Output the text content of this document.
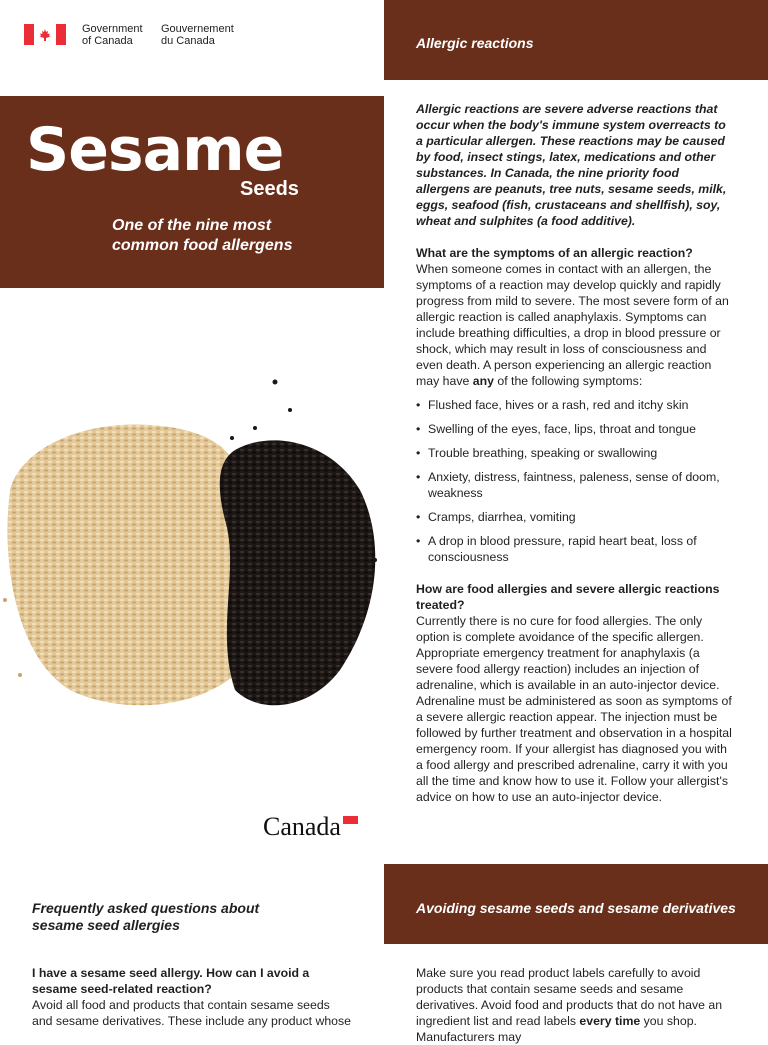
Government
of Canada
Gouvernement
du Canada
Sesame
Seeds
One of the nine most
common food allergens
Canada
Allergic reactions

Allergic reactions are severe adverse reactions that occur when the body's immune system overreacts to a particular allergen. These reactions may be caused by food, insect stings, latex, medications and other substances. In Canada, the nine priority food allergens are peanuts, tree nuts, sesame seeds, milk, eggs, seafood (fish, crustaceans and shellfish), soy, wheat and sulphites (a food additive).

What are the symptoms of an allergic reaction?

When someone comes in contact with an allergen, the symptoms of a reaction may develop quickly and rapidly progress from mild to severe. The most severe form of an allergic reaction is called anaphylaxis. Symptoms can include breathing difficulties, a drop in blood pressure or shock, which may result in loss of consciousness and even death. A person experiencing an allergic reaction may have any of the following symptoms:

• Flushed face, hives or a rash, red and itchy skin
• Swelling of the eyes, face, lips, throat and tongue
• Trouble breathing, speaking or swallowing
• Anxiety, distress, faintness, paleness, sense of doom, weakness
• Cramps, diarrhea, vomiting
• A drop in blood pressure, rapid heart beat, loss of consciousness

How are food allergies and severe allergic reactions treated?

Currently there is no cure for food allergies. The only option is complete avoidance of the specific allergen. Appropriate emergency treatment for anaphylaxis (a severe food allergy reaction) includes an injection of adrenaline, which is available in an auto-injector device. Adrenaline must be administered as soon as symptoms of a severe allergic reaction appear. The injection must be followed by further treatment and observation in a hospital emergency room. If your allergist has diagnosed you with a food allergy and prescribed adrenaline, carry it with you all the time and know how to use it. Follow your allergist's advice on how to use an auto-injector device.

Frequently asked questions about
sesame seed allergies
I have a sesame seed allergy. How can I avoid a sesame seed-related reaction?
Avoid all food and products that contain sesame seeds and sesame derivatives. These include any product whose
Avoiding sesame seeds and sesame derivatives
Make sure you read product labels carefully to avoid products that contain sesame seeds and sesame derivatives. Avoid food and products that do not have an ingredient list and read labels every time you shop. Manufacturers may
